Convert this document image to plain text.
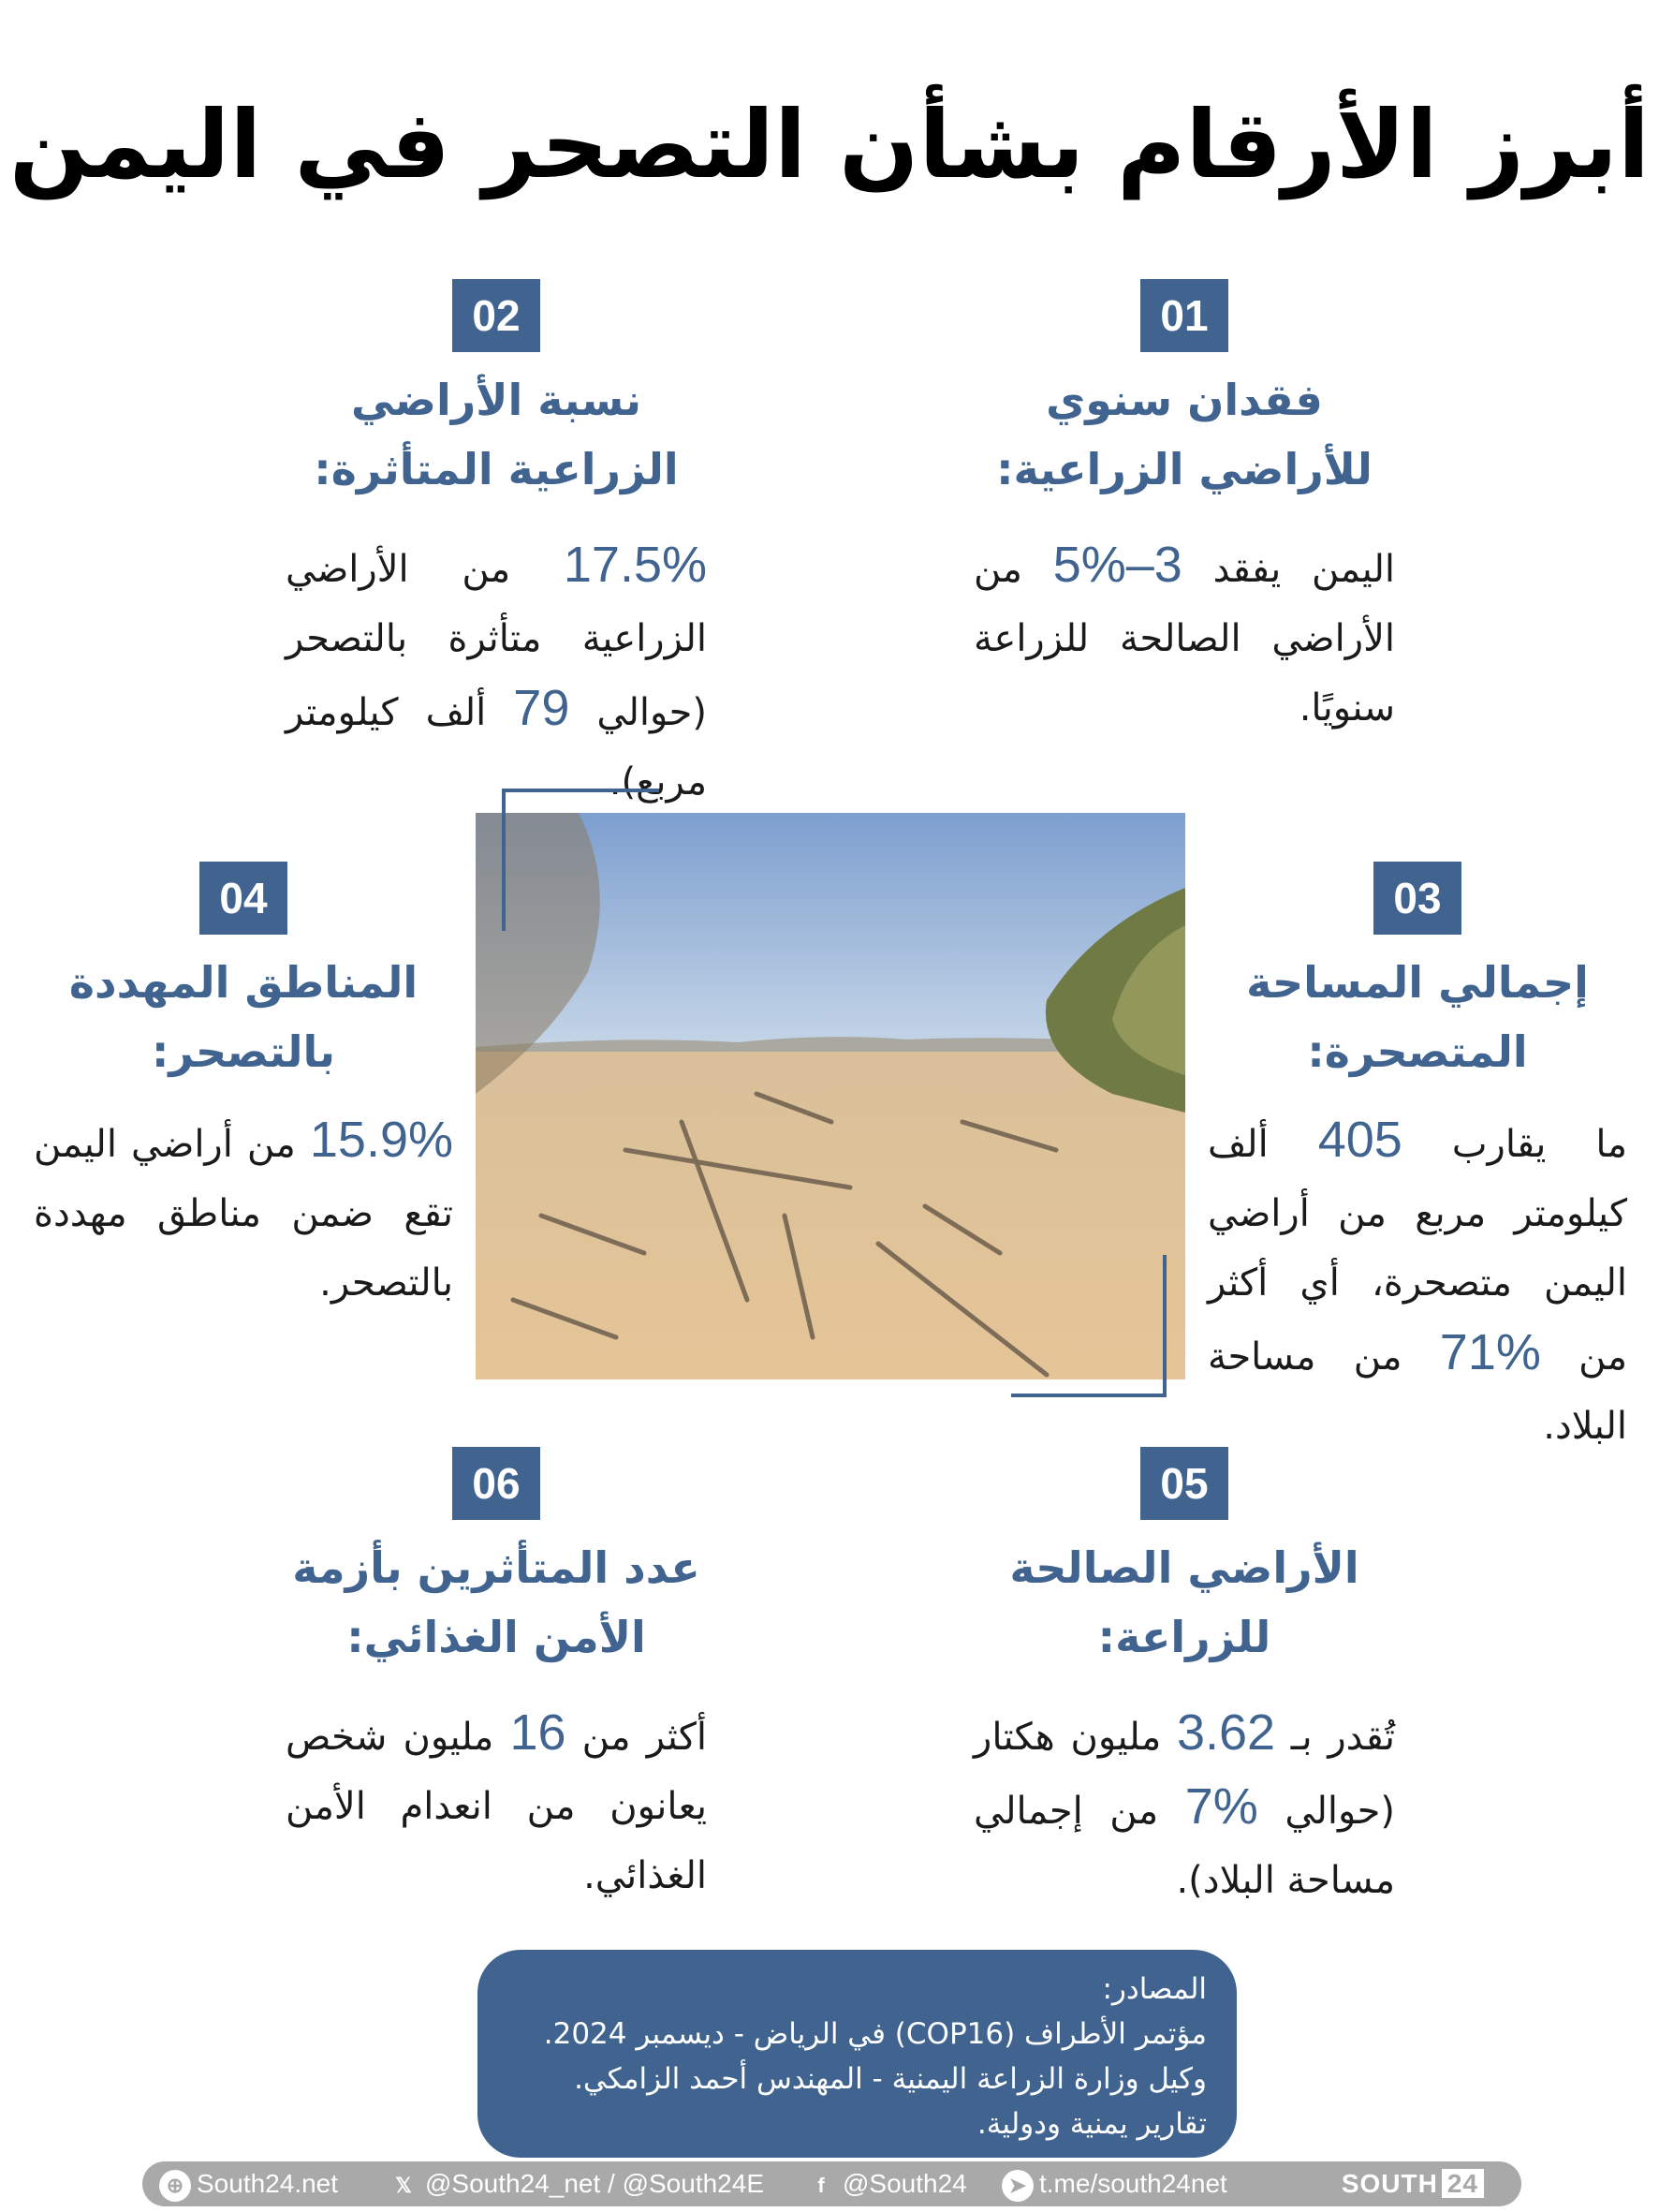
أبرز الأرقام بشأن التصحر في اليمن
01
فقدان سنوي
للأراضي الزراعية:
اليمن يفقد 3–5% من الأراضي الصالحة للزراعة سنويًا.
02
نسبة الأراضي
الزراعية المتأثرة:
17.5% من الأراضي الزراعية متأثرة بالتصحر (حوالي 79 ألف كيلومتر مربع).
03
إجمالي المساحة
المتصحرة:
ما يقارب 405 ألف كيلومتر مربع من أراضي اليمن متصحرة، أي أكثر من 71% من مساحة البلاد.
04
المناطق المهددة
بالتصحر:
15.9% من أراضي اليمن تقع ضمن مناطق مهددة بالتصحر.
05
الأراضي الصالحة
للزراعة:
تُقدر بـ 3.62 مليون هكتار (حوالي 7% من إجمالي مساحة البلاد).
06
عدد المتأثرين بأزمة
الأمن الغذائي:
أكثر من 16 مليون شخص يعانون من انعدام الأمن الغذائي.
المصادر:
مؤتمر الأطراف (COP16) في الرياض - ديسمبر 2024.
وكيل وزارة الزراعة اليمنية - المهندس أحمد الزامكي.
تقارير يمنية ودولية.
⊕ South24.net	𝕏 @South24_net / @South24E	f @South24	➤ t.me/south24net	SOUTH 24
